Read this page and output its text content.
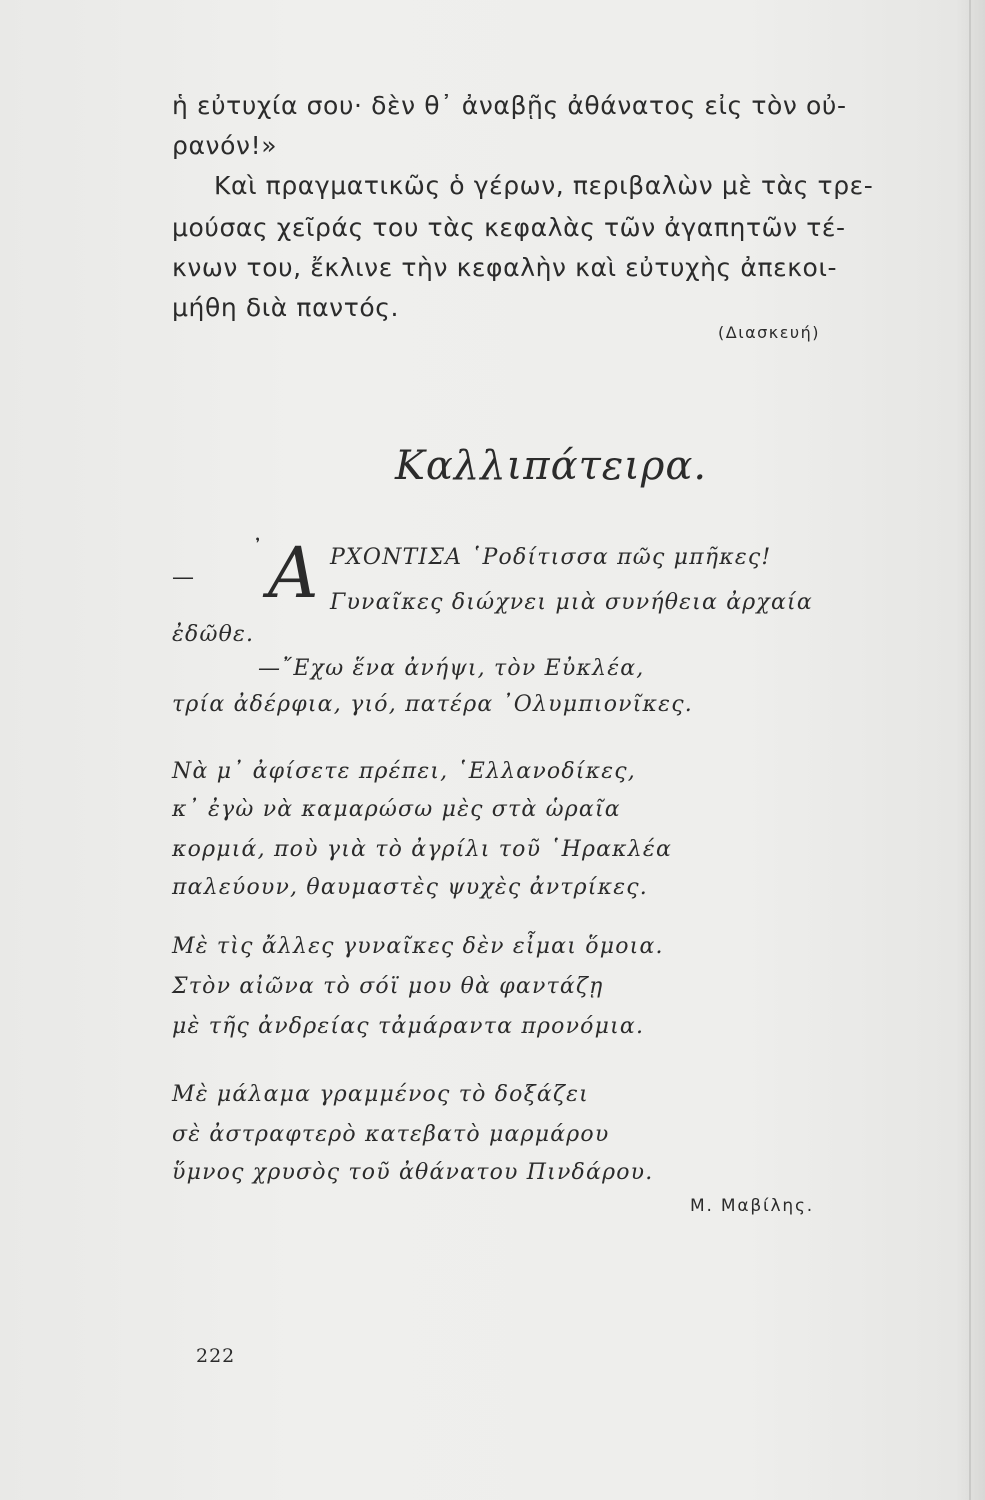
ἡ εὐτυχία σου· δὲν θ᾽ ἀναβῇς ἀθάνατος εἰς τὸν οὐ-
ρανόν!»
Καὶ πραγματικῶς ὁ γέρων, περιβαλὼν μὲ τὰς τρε-
μούσας χεῖράς του τὰς κεφαλὰς τῶν ἀγαπητῶν τέ-
κνων του, ἔκλινε τὴν κεφαλὴν καὶ εὐτυχὴς ἀπεκοι-
μήθη διὰ παντός.
(Διασκευή)
Καλλιπάτειρα.
—
᾽ Α ΡΧΟΝΤΙΣΑ ῾Ροδίτισσα πῶς μπῆκες!
Γυναῖκες διώχνει μιὰ συνήθεια ἀρχαία
ἐδῶθε.
—῎Εχω ἕνα ἀνήψι, τὸν Εὐκλέα,
τρία ἀδέρφια, γιό, πατέρα ᾽Ολυμπιονῖκες.
Νὰ μ᾽ ἀφίσετε πρέπει, ῾Ελλανοδίκες,
κ᾽ ἐγὼ νὰ καμαρώσω μὲς στὰ ὡραῖα
κορμιά, ποὺ γιὰ τὸ ἀγρίλι τοῦ ῾Ηρακλέα
παλεύουν, θαυμαστὲς ψυχὲς ἀντρίκες.
Μὲ τὶς ἄλλες γυναῖκες δὲν εἶμαι ὅμοια.
Στὸν αἰῶνα τὸ σόϊ μου θὰ φαντάζῃ
μὲ τῆς ἀνδρείας τἀμάραντα προνόμια.
Μὲ μάλαμα γραμμένος τὸ δοξάζει
σὲ ἀστραφτερὸ κατεβατὸ μαρμάρου
ὕμνος χρυσὸς τοῦ ἀθάνατου Πινδάρου.
Μ. Μαβίλης.
222
